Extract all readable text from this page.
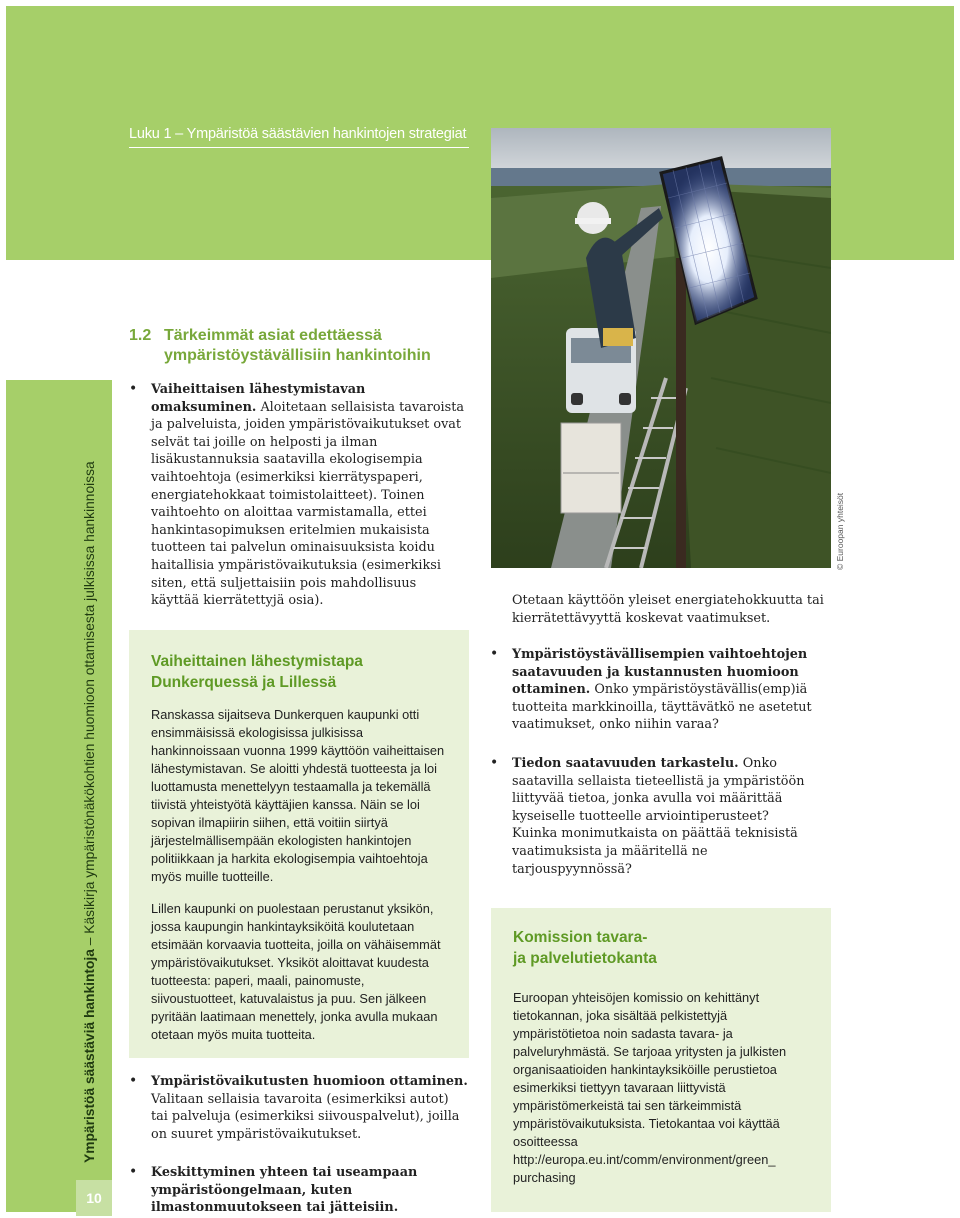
Luku 1 – Ympäristöä säästävien hankintojen strategiat
Ympäristöä säästäviä hankintoja – Käsikirja ympäristönäkökohtien huomioon ottamisesta julkisissa hankinnoissa
10
1.2 Tärkeimmät asiat edettäessä ympäristöystävällisiin hankintoihin
• Vaiheittaisen lähestymistavan omaksuminen. Aloitetaan sellaisista tavaroista ja palveluista, joiden ympäristövaikutukset ovat selvät tai joille on helposti ja ilman lisäkustannuksia saatavilla ekologisempia vaihtoehtoja (esimerkiksi kierrätyspaperi, energiatehokkaat toimistolaitteet). Toinen vaihtoehto on aloittaa varmistamalla, ettei hankintasopimuksen eritelmien mukaisista tuotteen tai palvelun ominaisuuksista koidu haitallisia ympäristövaikutuksia (esimerkiksi siten, että suljettaisiin pois mahdollisuus käyttää kierrätettyjä osia).
Vaiheittainen lähestymistapa
Dunkerquessä ja Lillessä

Ranskassa sijaitseva Dunkerquen kaupunki otti ensimmäisissä ekologisissa julkisissa hankinnoissaan vuonna 1999 käyttöön vaiheittaisen lähestymistavan. Se aloitti yhdestä tuotteesta ja loi luottamusta menettelyyn testaamalla ja tekemällä tiivistä yhteistyötä käyttäjien kanssa. Näin se loi sopivan ilmapiirin siihen, että voitiin siirtyä järjestelmällisempään ekologisten hankintojen politiikkaan ja harkita ekologisempia vaihtoehtoja myös muille tuotteille.

Lillen kaupunki on puolestaan perustanut yksikön, jossa kaupungin hankintayksiköitä koulutetaan etsimään korvaavia tuotteita, joilla on vähäisemmät ympäristövaikutukset. Yksiköt aloittavat kuudesta tuotteesta: paperi, maali, painomuste, siivoustuotteet, katuvalaistus ja puu. Sen jälkeen pyritään laatimaan menettely, jonka avulla mukaan otetaan myös muita tuotteita.

• Ympäristövaikutusten huomioon ottaminen. Valitaan sellaisia tavaroita (esimerkiksi autot) tai palveluja (esimerkiksi siivouspalvelut), joilla on suuret ympäristövaikutukset.
• Keskittyminen yhteen tai useampaan ympäristöongelmaan, kuten ilmastonmuutokseen tai jätteisiin.
© Euroopan yhteisöt
Otetaan käyttöön yleiset energiatehokkuutta tai kierrätettävyyttä koskevat vaatimukset.
• Ympäristöystävällisempien vaihtoehtojen saatavuuden ja kustannusten huomioon ottaminen. Onko ympäristöystävällis(emp)iä tuotteita markkinoilla, täyttävätkö ne asetetut vaatimukset, onko niihin varaa?
• Tiedon saatavuuden tarkastelu. Onko saatavilla sellaista tieteellistä ja ympäristöön liittyvää tietoa, jonka avulla voi määrittää kyseiselle tuotteelle arviointiperusteet? Kuinka monimutkaista on päättää teknisistä vaatimuksista ja määritellä ne tarjouspyynnössä?
Komission tavara-
ja palvelutietokanta
Euroopan yhteisöjen komissio on kehittänyt tietokannan, joka sisältää pelkistettyjä ympäristötietoa noin sadasta tavara- ja palveluryhmästä. Se tarjoaa yritysten ja julkisten organisaatioiden hankintayksiköille perustietoa esimerkiksi tiettyyn tavaraan liittyvistä ympäristömerkeistä tai sen tärkeimmistä ympäristövaikutuksista. Tietokantaa voi käyttää osoitteessa http://europa.eu.int/comm/environment/green_ purchasing
